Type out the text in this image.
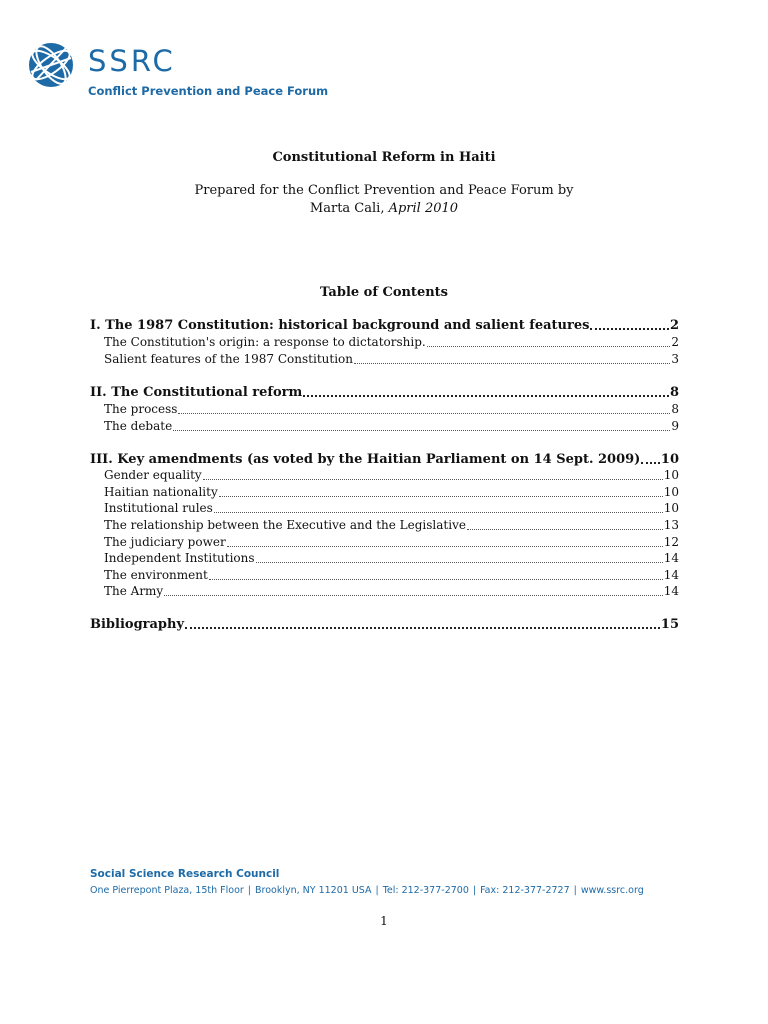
SSRC
Conflict Prevention and Peace Forum
Constitutional Reform in Haiti
Prepared for the Conflict Prevention and Peace Forum by
Marta Cali, April 2010
Table of Contents
I. The 1987 Constitution: historical background and salient features	2
The Constitution's origin: a response to dictatorship.	2
Salient features of the 1987 Constitution	3
II. The Constitutional reform	8
The process	8
The debate	9
III. Key amendments (as voted by the Haitian Parliament on 14 Sept. 2009) 10
Gender equality	10
Haitian nationality	10
Institutional rules	10
The relationship between the Executive and the Legislative	13
The judiciary power	12
Independent Institutions	14
The environment	14
The Army	14
Bibliography	15
Social Science Research Council
One Pierrepont Plaza, 15th Floor | Brooklyn, NY 11201 USA | Tel: 212-377-2700 | Fax: 212-377-2727 | www.ssrc.org
1
